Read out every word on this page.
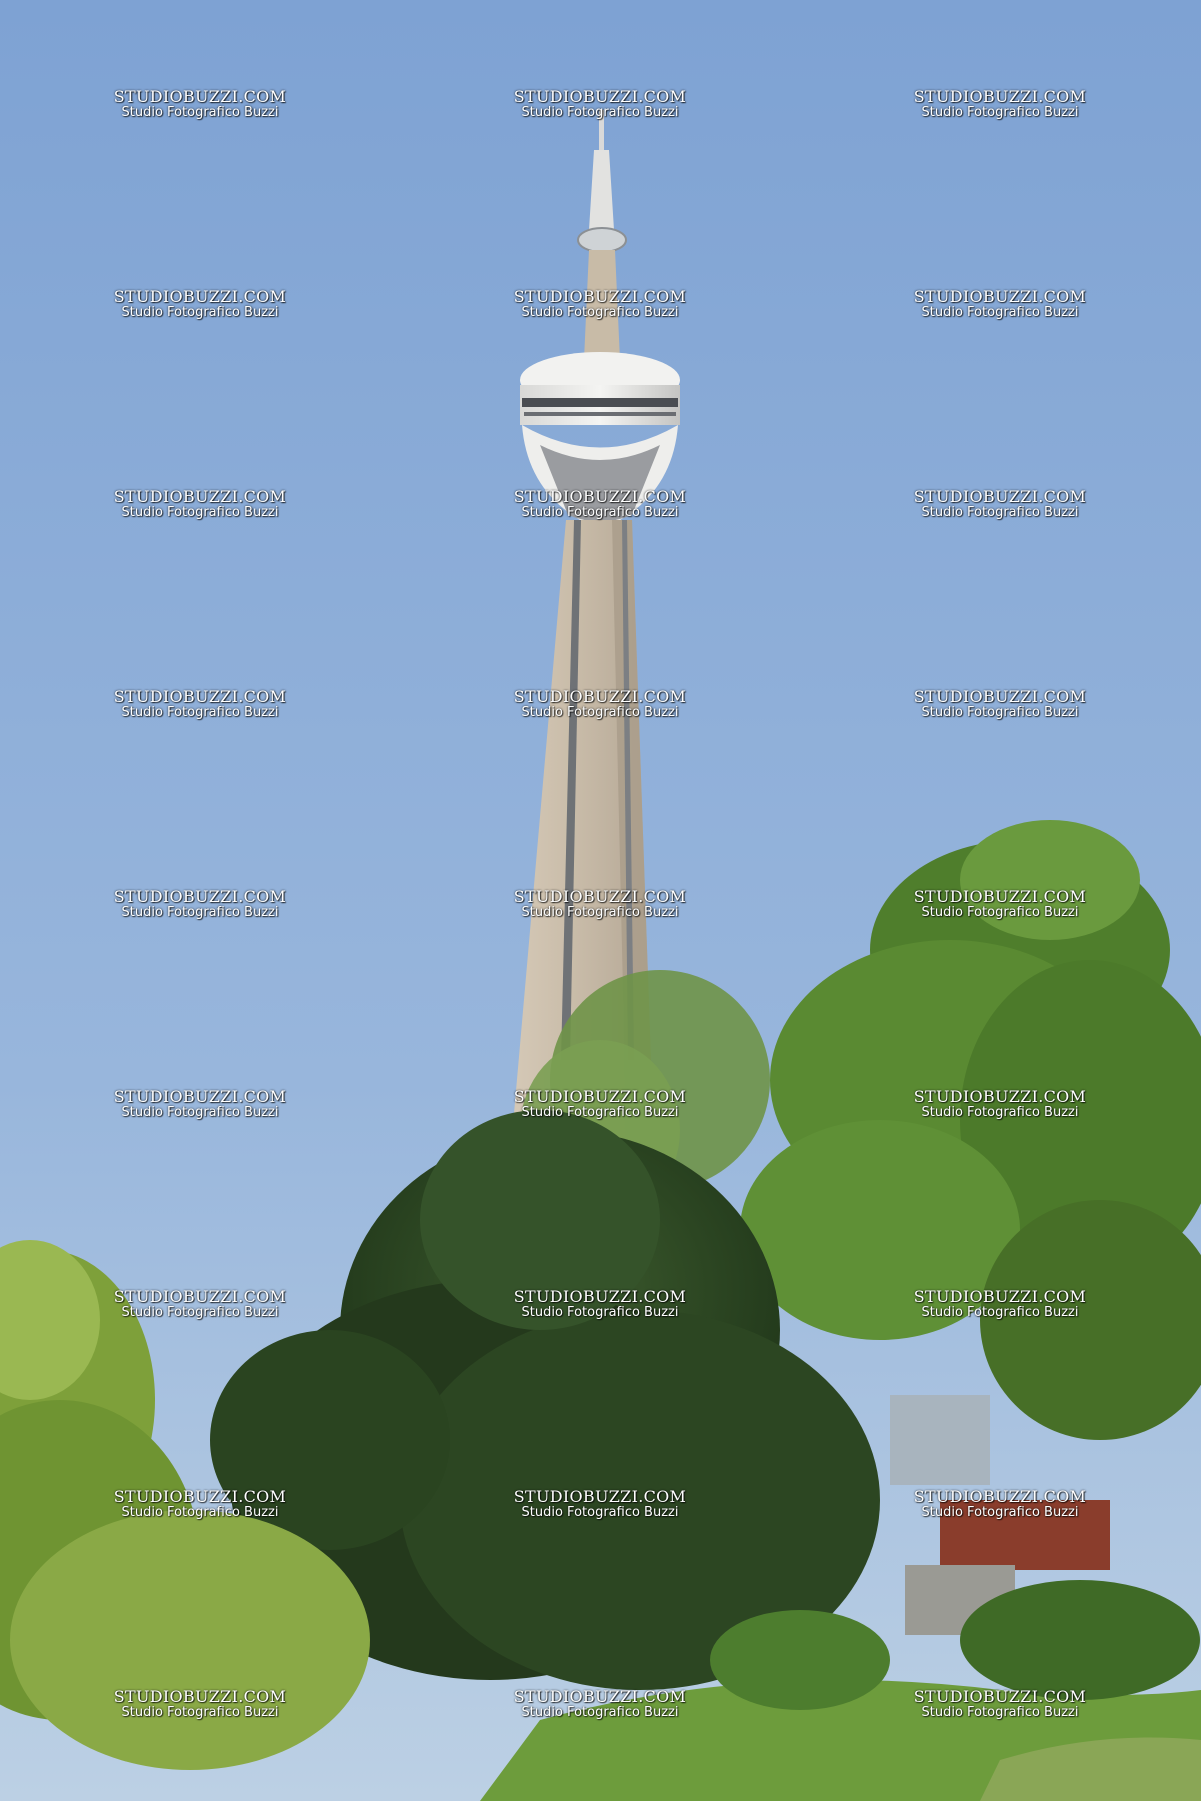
STUDIOBUZZI.COM
Studio Fotografico Buzzi
STUDIOBUZZI.COM
Studio Fotografico Buzzi
STUDIOBUZZI.COM
Studio Fotografico Buzzi
STUDIOBUZZI.COM
Studio Fotografico Buzzi
STUDIOBUZZI.COM
Studio Fotografico Buzzi
STUDIOBUZZI.COM
Studio Fotografico Buzzi
STUDIOBUZZI.COM
Studio Fotografico Buzzi
STUDIOBUZZI.COM
Studio Fotografico Buzzi
STUDIOBUZZI.COM
Studio Fotografico Buzzi
STUDIOBUZZI.COM
Studio Fotografico Buzzi
STUDIOBUZZI.COM
Studio Fotografico Buzzi
STUDIOBUZZI.COM
Studio Fotografico Buzzi
STUDIOBUZZI.COM
Studio Fotografico Buzzi
STUDIOBUZZI.COM
Studio Fotografico Buzzi
STUDIOBUZZI.COM
Studio Fotografico Buzzi
STUDIOBUZZI.COM
Studio Fotografico Buzzi
STUDIOBUZZI.COM
Studio Fotografico Buzzi
STUDIOBUZZI.COM
Studio Fotografico Buzzi
STUDIOBUZZI.COM
Studio Fotografico Buzzi
STUDIOBUZZI.COM
Studio Fotografico Buzzi
STUDIOBUZZI.COM
Studio Fotografico Buzzi
STUDIOBUZZI.COM
Studio Fotografico Buzzi
STUDIOBUZZI.COM
Studio Fotografico Buzzi
STUDIOBUZZI.COM
Studio Fotografico Buzzi
STUDIOBUZZI.COM
Studio Fotografico Buzzi
STUDIOBUZZI.COM
Studio Fotografico Buzzi
STUDIOBUZZI.COM
Studio Fotografico Buzzi
